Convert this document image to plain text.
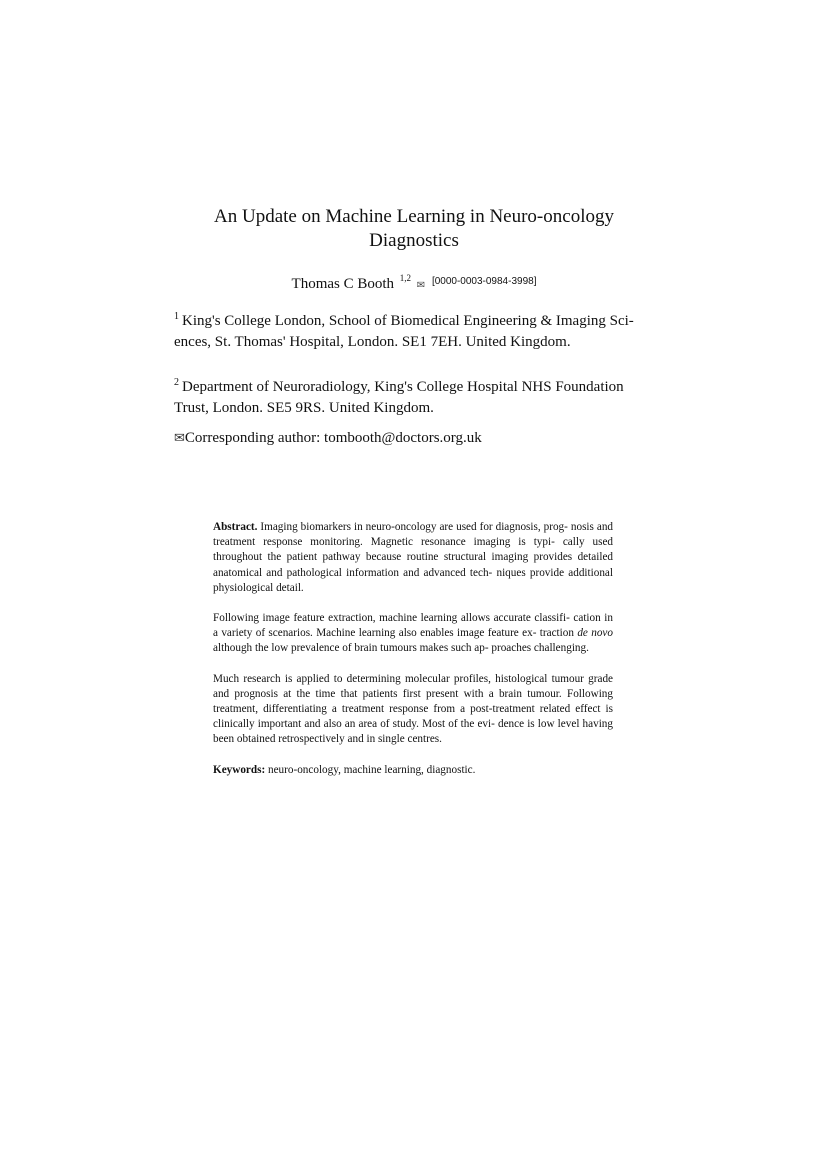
An Update on Machine Learning in Neuro-oncology
Diagnostics
Thomas C Booth $^{1,2}$ ✉ [0000-0003-0984-3998]
$^1$ King's College London, School of Biomedical Engineering & Imaging Sci-
ences, St. Thomas' Hospital, London. SE1 7EH. United Kingdom.
$^2$ Department of Neuroradiology, King's College Hospital NHS Foundation
Trust, London. SE5 9RS. United Kingdom.
✉Corresponding author: tombooth@doctors.org.uk

Abstract. Imaging biomarkers in neuro-oncology are used for diagnosis, prog- nosis and treatment response monitoring. Magnetic resonance imaging is typi- cally used throughout the patient pathway because routine structural imaging provides detailed anatomical and pathological information and advanced tech- niques provide additional physiological detail.

Following image feature extraction, machine learning allows accurate classifi- cation in a variety of scenarios. Machine learning also enables image feature ex- traction de novo although the low prevalence of brain tumours makes such ap- proaches challenging.

Much research is applied to determining molecular profiles, histological tumour grade and prognosis at the time that patients first present with a brain tumour. Following treatment, differentiating a treatment response from a post-treatment related effect is clinically important and also an area of study. Most of the evi- dence is low level having been obtained retrospectively and in single centres.

Keywords: neuro-oncology, machine learning, diagnostic.
